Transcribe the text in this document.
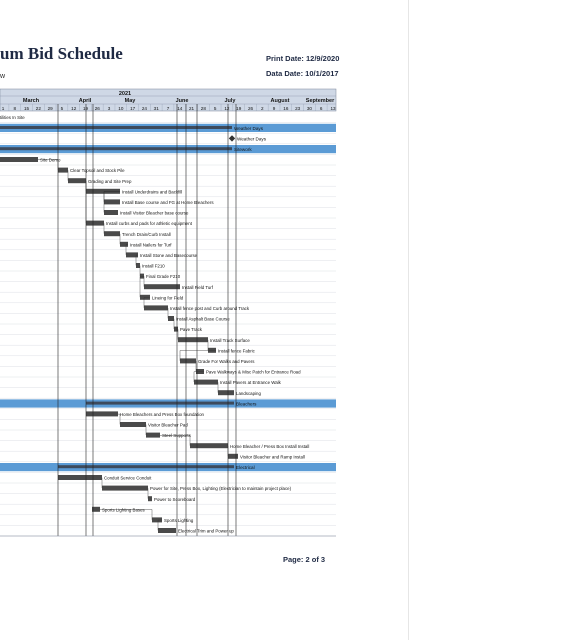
um Bid Schedule
w
Print Date: 12/9/2020
Data Date: 10/1/2017
Page: 2 of 3
2021
March	April	May	June	July	August	September
1 8 15 22 29 5 12 19 26 3 10 17 24 31 7 14 21 28 5 12 19 26 2 9 16 23 30 6 13
tilities In Site
Weather Days
Weather Days
Sitework
Site Demo
Clear Topsoil and Stock Pile
Grading and Site Prep
Install Underdrains and Backfill
Install Base course and FG at Home Bleachers
Install Visitor Bleacher base course
Install curbs and pads for athletic equipment
Trench Drain/Curb Install
Install Nailers for Turf
Install Stone and Basecourse
Install F210
Final Grade F210
Install Field Turf
Lineing for Field
Install fence post and Curb around Track
Install Asphalt Base Course
Pave Track
Install Track Surface
Install fence Fabric
Grade For Walks and Pavers
Pave Walkways & Misc Patch for Entrance Road
Install Pavers at Entrance Walk
Landscaping
Bleachers
Home Bleachers and Press Box foundation
Visitor Bleacher Pad
Steel Supports
Home Bleacher / Press Box Install Install
Visitor Bleacher and Ramp Install
Electrical
Conduit Service Conduit
Power for Site, Press Box, Lighting (Electrician to maintain project place)
Power to Scoreboard
Sports Lighting Bases
Sports Lighting
Electrical Trim and Power up
